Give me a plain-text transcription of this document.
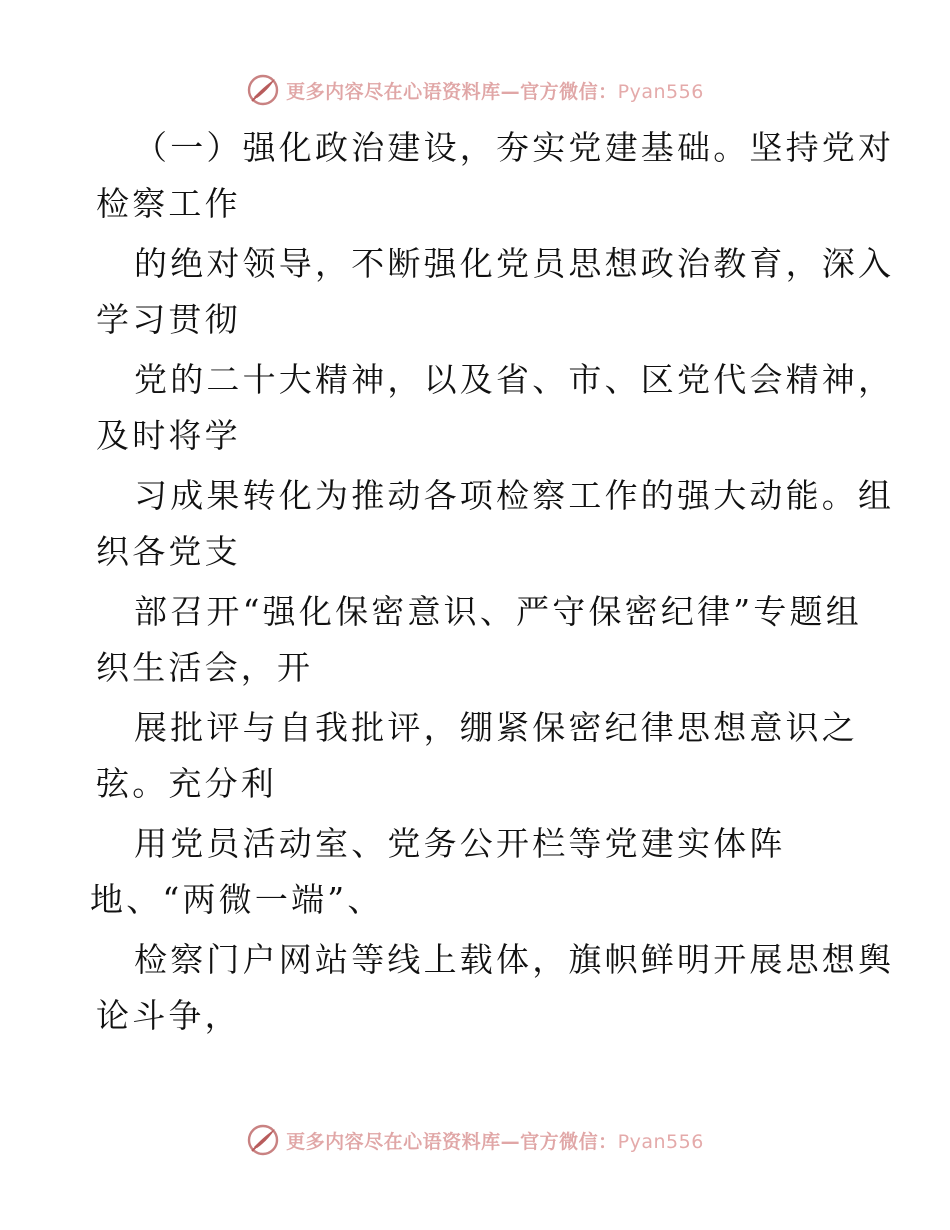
更多内容尽在心语资料库—官方微信：Pyan556
（一）强化政治建设，夯实党建基础。坚持党对
检察工作
的绝对领导，不断强化党员思想政治教育，深入
学习贯彻
党的二十大精神，以及省、市、区党代会精神，
及时将学
习成果转化为推动各项检察工作的强大动能。组
织各党支
部召开“强化保密意识、严守保密纪律”专题组
织生活会，开
展批评与自我批评，绷紧保密纪律思想意识之
弦。充分利
用党员活动室、党务公开栏等党建实体阵
地、“两微一端”、
检察门户网站等线上载体，旗帜鲜明开展思想舆
论斗争，
更多内容尽在心语资料库—官方微信：Pyan556
